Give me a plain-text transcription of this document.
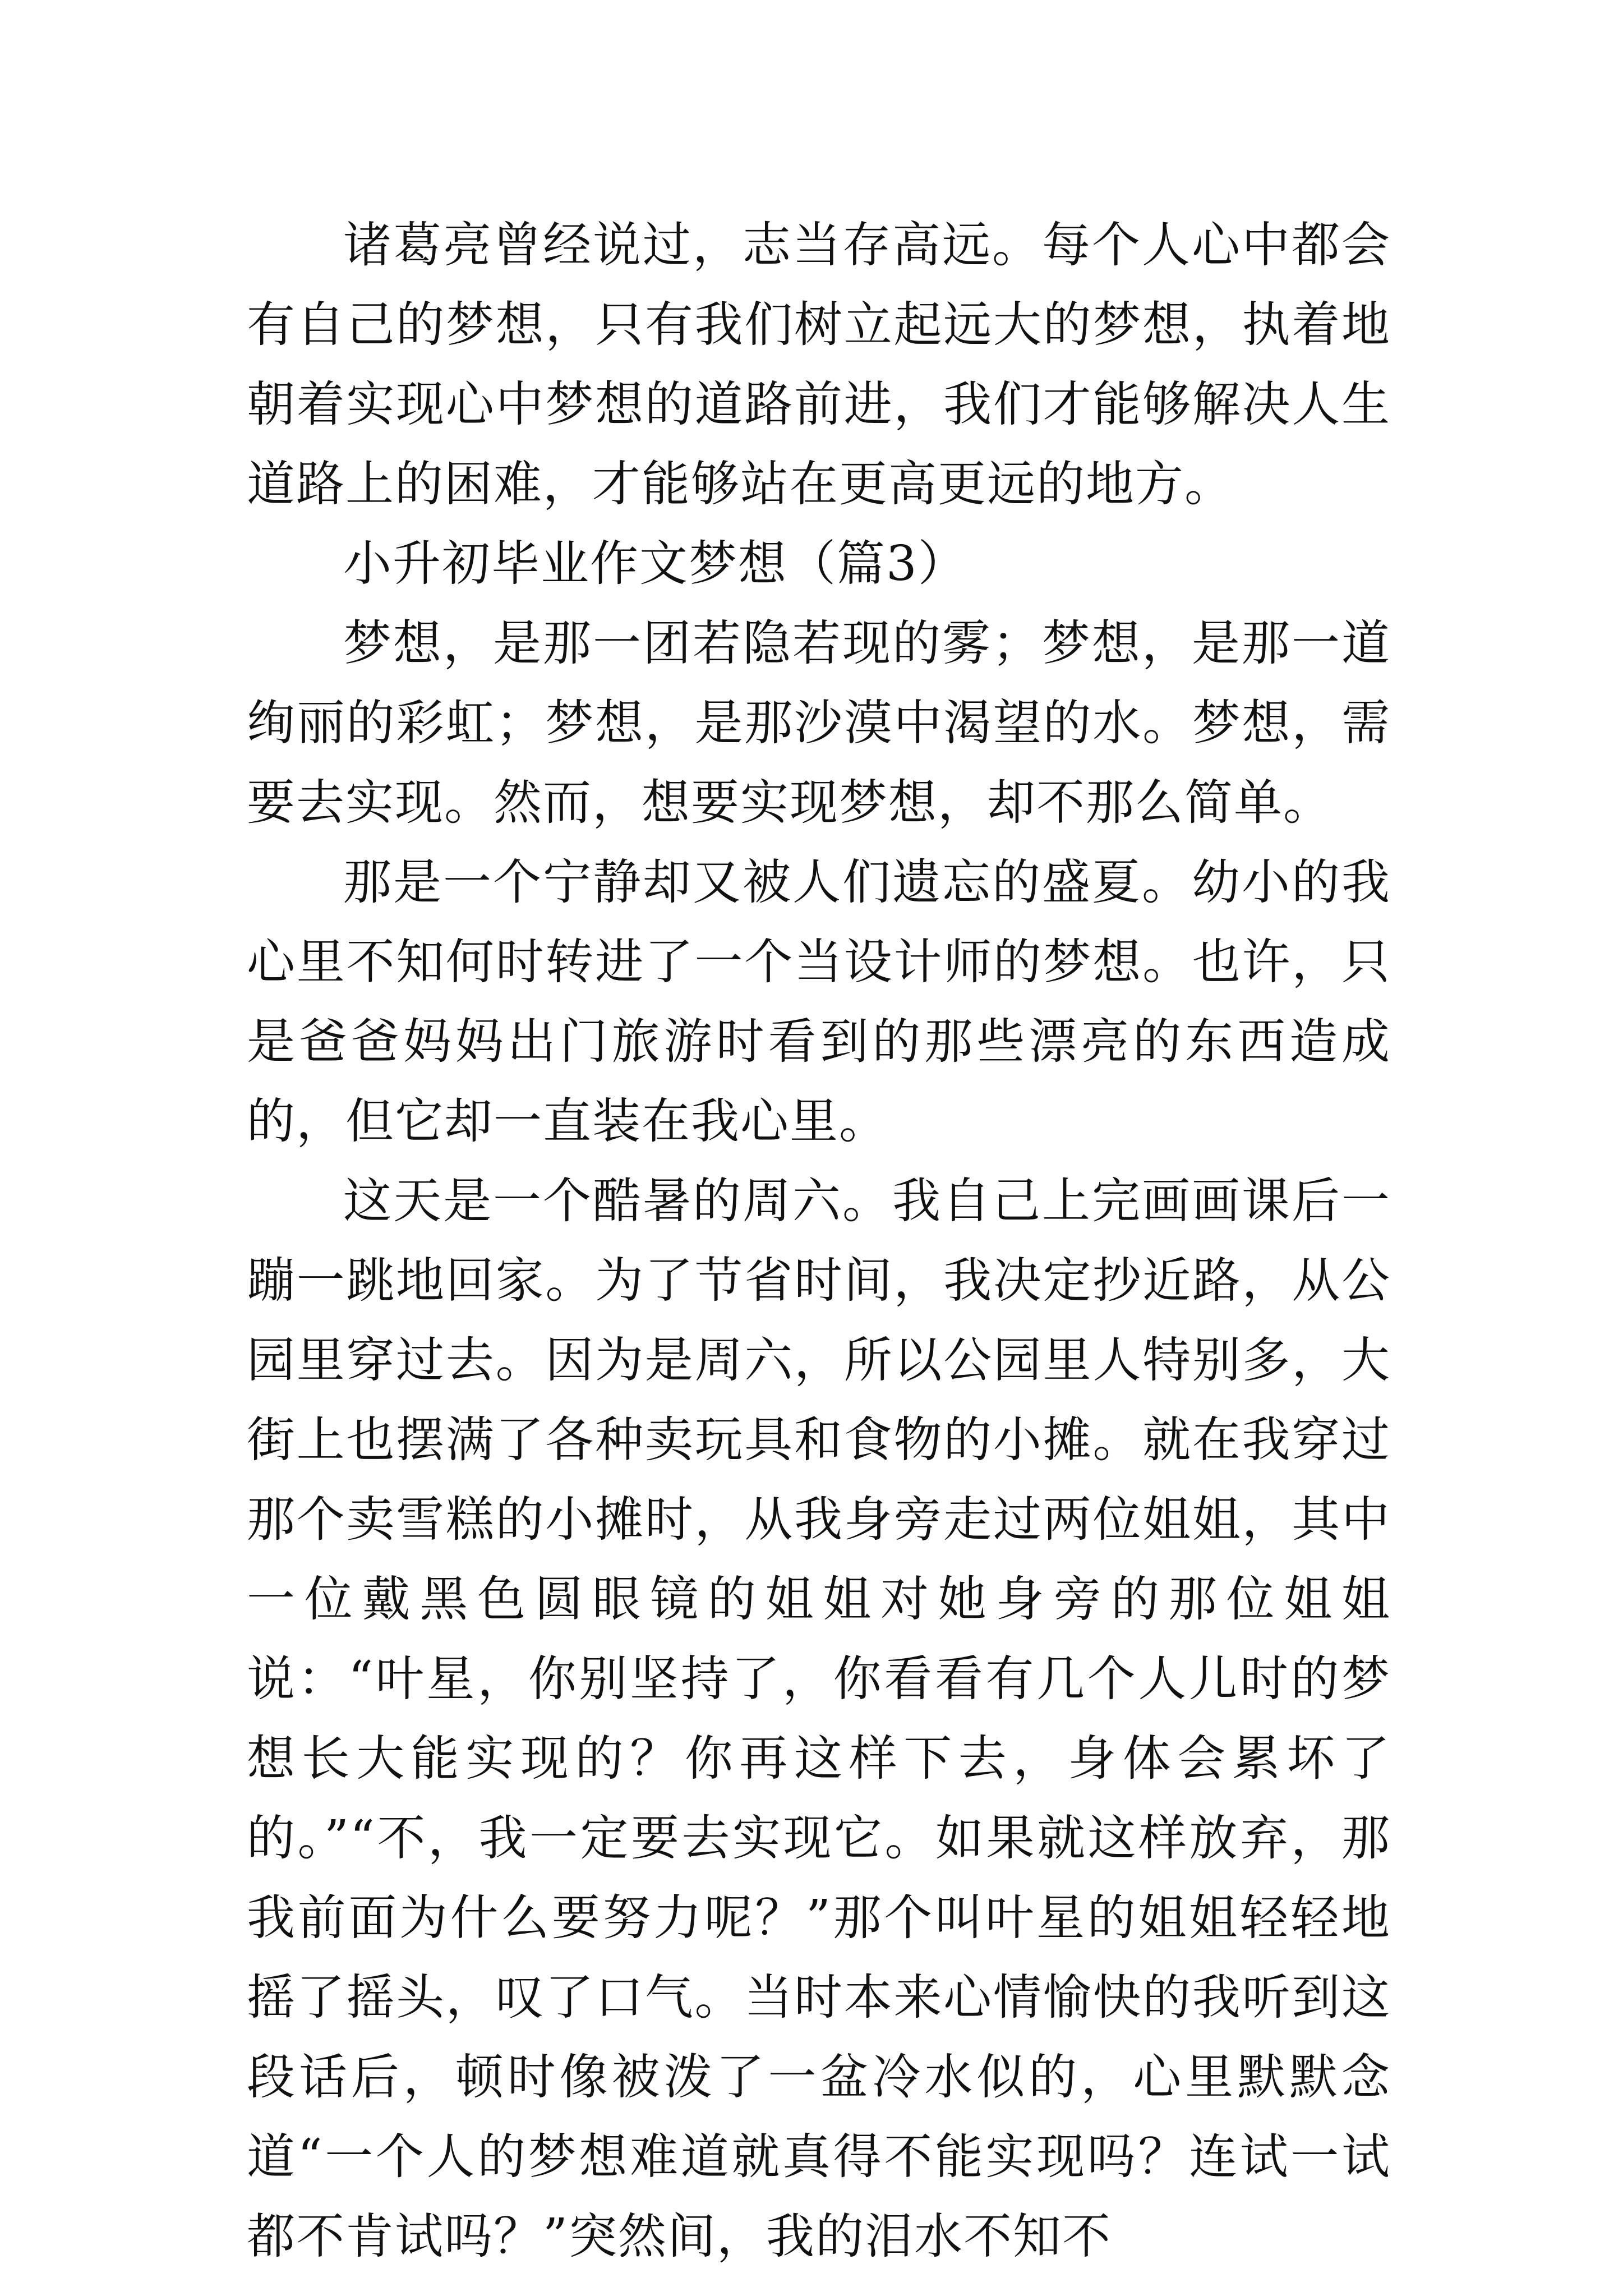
诸葛亮曾经说过，志当存高远。每个人心中都会有自己的梦想，只有我们树立起远大的梦想，执着地朝着实现心中梦想的道路前进，我们才能够解决人生道路上的困难，才能够站在更高更远的地方。

小升初毕业作文梦想（篇3）

梦想，是那一团若隐若现的雾；梦想，是那一道绚丽的彩虹；梦想，是那沙漠中渴望的水。梦想，需要去实现。然而，想要实现梦想，却不那么简单。

那是一个宁静却又被人们遗忘的盛夏。幼小的我心里不知何时转进了一个当设计师的梦想。也许，只是爸爸妈妈出门旅游时看到的那些漂亮的东西造成的，但它却一直装在我心里。

这天是一个酷暑的周六。我自己上完画画课后一蹦一跳地回家。为了节省时间，我决定抄近路，从公园里穿过去。因为是周六，所以公园里人特别多，大街上也摆满了各种卖玩具和食物的小摊。就在我穿过那个卖雪糕的小摊时，从我身旁走过两位姐姐，其中一位戴黑色圆眼镜的姐姐对她身旁的那位姐姐说：“叶星，你别坚持了，你看看有几个人儿时的梦想长大能实现的？你再这样下去，身体会累坏了的。”“不，我一定要去实现它。如果就这样放弃，那我前面为什么要努力呢？”那个叫叶星的姐姐轻轻地摇了摇头，叹了口气。当时本来心情愉快的我听到这段话后，顿时像被泼了一盆冷水似的，心里默默念道“一个人的梦想难道就真得不能实现吗？连试一试都不肯试吗？”突然间，我的泪水不知不
